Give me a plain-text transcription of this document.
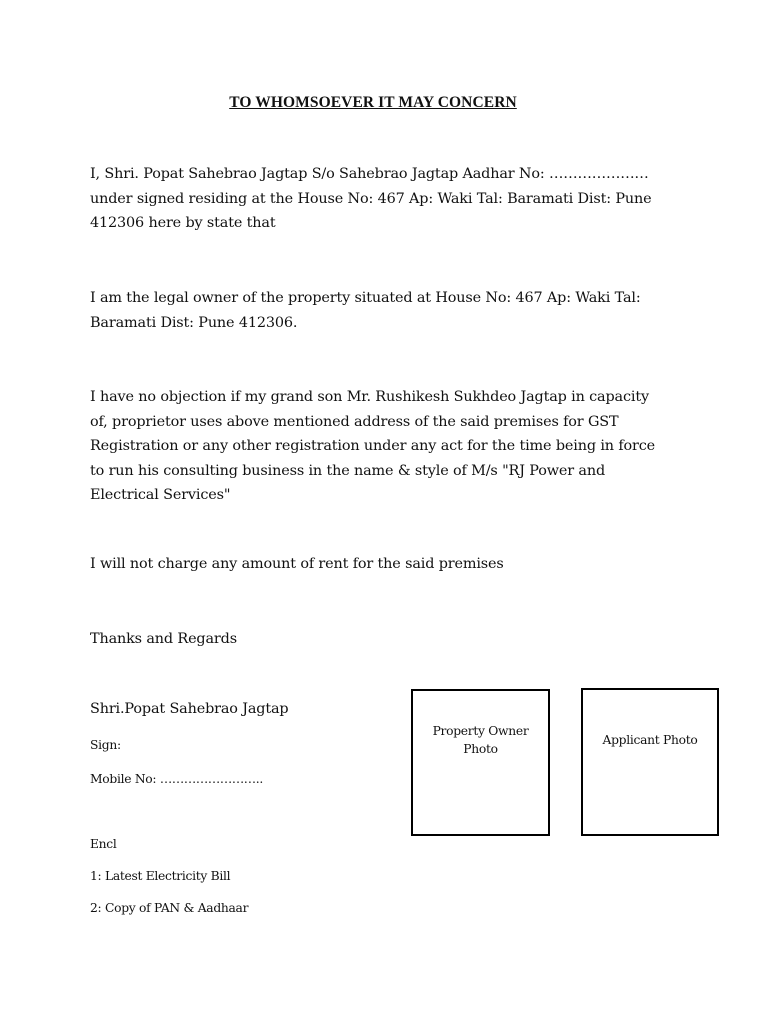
TO WHOMSOEVER IT MAY CONCERN

I, Shri. Popat Sahebrao Jagtap S/o Sahebrao Jagtap Aadhar No: …………………
under signed residing at the House No: 467 Ap: Waki Tal: Baramati Dist: Pune
412306 here by state that

I am the legal owner of the property situated at House No: 467 Ap: Waki Tal:
Baramati Dist: Pune 412306.

I have no objection if my grand son Mr. Rushikesh Sukhdeo Jagtap in capacity
of, proprietor uses above mentioned address of the said premises for GST
Registration or any other registration under any act for the time being in force
to run his consulting business in the name & style of M/s "RJ Power and
Electrical Services"

I will not charge any amount of rent for the said premises

Thanks and Regards

Shri.Popat Sahebrao Jagtap

Sign:
Mobile No: ……………………..
Encl
1: Latest Electricity Bill
2: Copy of PAN & Aadhaar
Property Owner
Photo
Applicant Photo
